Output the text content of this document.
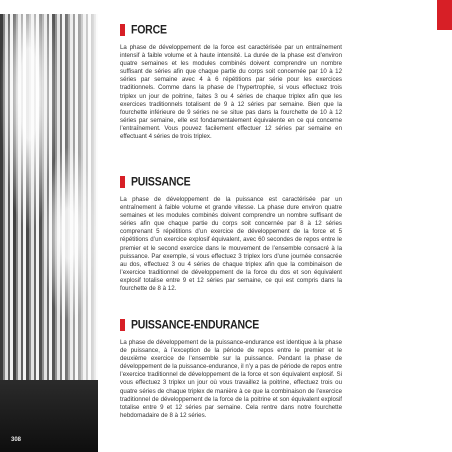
308
FORCE

La phase de développement de la force est caractérisée par un entraînement intensif à faible volume et à haute intensité. La durée de la phase est d’environ quatre semaines et les modules combinés doivent comprendre un nombre suffisant de séries afin que chaque partie du corps soit concernée par 10 à 12 séries par semaine avec 4 à 6 répétitions par série pour les exercices traditionnels. Comme dans la phase de l’hypertrophie, si vous effectuez trois triplex un jour de poitrine, faites 3 ou 4 séries de chaque triplex afin que les exercices traditionnels totalisent de 9 à 12 séries par semaine. Bien que la fourchette inférieure de 9 séries ne se situe pas dans la fourchette de 10 à 12 séries par semaine, elle est fondamentalement équivalente en ce qui concerne l’entraînement. Vous pouvez facilement effectuer 12 séries par semaine en effectuant 4 séries de trois triplex.

PUISSANCE

La phase de développement de la puissance est caractérisée par un entraînement à faible volume et grande vitesse. La phase dure environ quatre semaines et les modules combinés doivent comprendre un nombre suffisant de séries afin que chaque partie du corps soit concernée par 8 à 12 séries comprenant 5 répétitions d’un exercice de développement de la force et 5 répétitions d’un exercice explosif équivalent, avec 60 secondes de repos entre le premier et le second exercice dans le mouvement de l’ensemble consacré à la puissance. Par exemple, si vous effectuez 3 triplex lors d’une journée consacrée au dos, effectuez 3 ou 4 séries de chaque triplex afin que la combinaison de l’exercice traditionnel de développement de la force du dos et son équivalent explosif totalise entre 9 et 12 séries par semaine, ce qui est compris dans la fourchette de 8 à 12.

PUISSANCE-ENDURANCE

La phase de développement de la puissance-endurance est identique à la phase de puissance, à l’exception de la période de repos entre le premier et le deuxième exercice de l’ensemble sur la puissance. Pendant la phase de développement de la puissance-endurance, il n’y a pas de période de repos entre l’exercice traditionnel de développement de la force et son équivalent explosif. Si vous effectuez 3 triplex un jour où vous travaillez la poitrine, effectuez trois ou quatre séries de chaque triplex de manière à ce que la combinaison de l’exercice traditionnel de développement de la force de la poitrine et son équivalent explosif totalise entre 9 et 12 séries par semaine. Cela rentre dans notre fourchette hebdomadaire de 8 à 12 séries.
